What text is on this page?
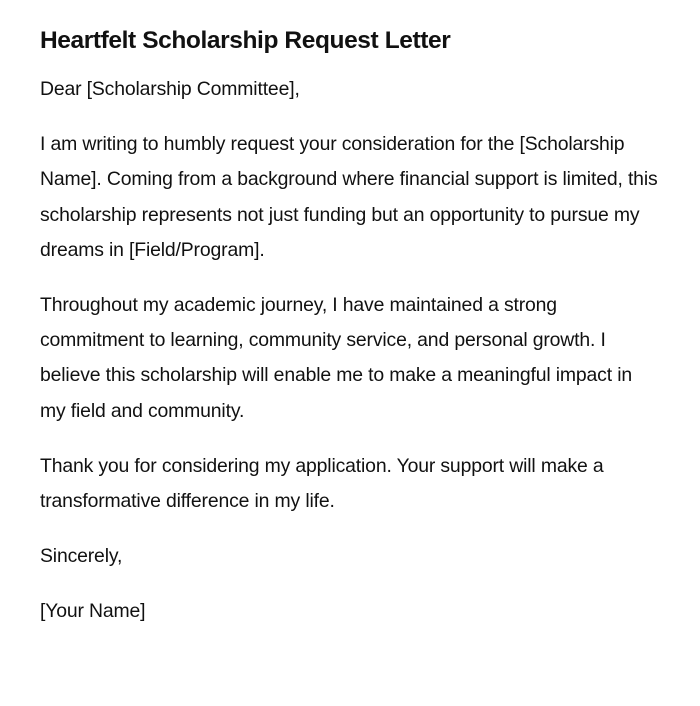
Heartfelt Scholarship Request Letter

Dear [Scholarship Committee],

I am writing to humbly request your consideration for the [Scholarship Name]. Coming from a background where financial support is limited, this scholarship represents not just funding but an opportunity to pursue my dreams in [Field/Program].

Throughout my academic journey, I have maintained a strong commitment to learning, community service, and personal growth. I believe this scholarship will enable me to make a meaningful impact in my field and community.

Thank you for considering my application. Your support will make a transformative difference in my life.

Sincerely,

[Your Name]
